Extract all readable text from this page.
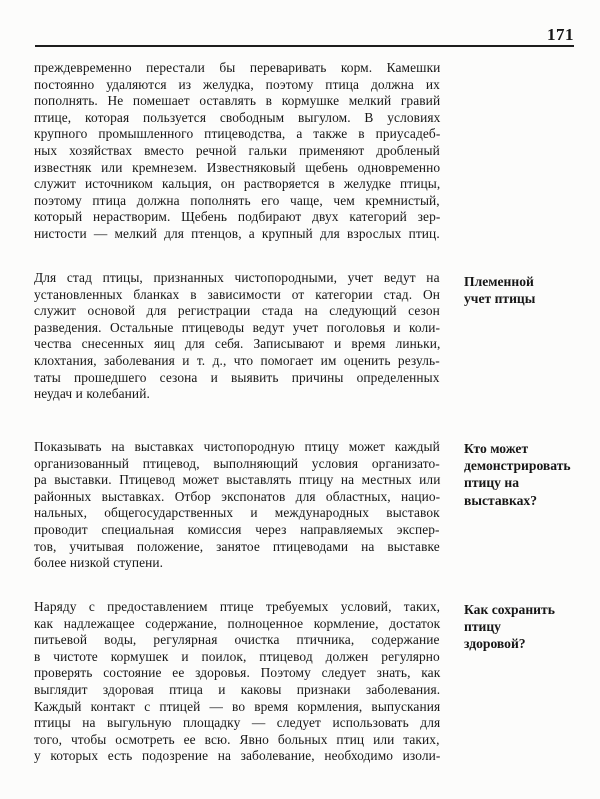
171
преждевременно перестали бы переваривать корм. Камешки
постоянно удаляются из желудка, поэтому птица должна их
пополнять. Не помешает оставлять в кормушке мелкий гравий
птице, которая пользуется свободным выгулом. В условиях
крупного промышленного птицеводства, а также в приусадеб-
ных хозяйствах вместо речной гальки применяют дробленый
известняк или кремнезем. Известняковый щебень одновременно
служит источником кальция, он растворяется в желудке птицы,
поэтому птица должна пополнять его чаще, чем кремнистый,
который нерастворим. Щебень подбирают двух категорий зер-
нистости — мелкий для птенцов, а крупный для взрослых птиц.
Для стад птицы, признанных чистопородными, учет ведут на
установленных бланках в зависимости от категории стад. Он
служит основой для регистрации стада на следующий сезон
разведения. Остальные птицеводы ведут учет поголовья и коли-
чества снесенных яиц для себя. Записывают и время линьки,
клохтания, заболевания и т. д., что помогает им оценить резуль-
таты прошедшего сезона и выявить причины определенных
неудач и колебаний.
Показывать на выставках чистопородную птицу может каждый
организованный птицевод, выполняющий условия организато-
ра выставки. Птицевод может выставлять птицу на местных или
районных выставках. Отбор экспонатов для областных, нацио-
нальных, общегосударственных и международных выставок
проводит специальная комиссия через направляемых экспер-
тов, учитывая положение, занятое птицеводами на выставке
более низкой ступени.
Наряду с предоставлением птице требуемых условий, таких,
как надлежащее содержание, полноценное кормление, достаток
питьевой воды, регулярная очистка птичника, содержание
в чистоте кормушек и поилок, птицевод должен регулярно
проверять состояние ее здоровья. Поэтому следует знать, как
выглядит здоровая птица и каковы признаки заболевания.
Каждый контакт с птицей — во время кормления, выпускания
птицы на выгульную площадку — следует использовать для
того, чтобы осмотреть ее всю. Явно больных птиц или таких,
у которых есть подозрение на заболевание, необходимо изоли-
Племенной
учет птицы
Кто может
демонстрировать
птицу на
выставках?
Как сохранить
птицу
здоровой?
